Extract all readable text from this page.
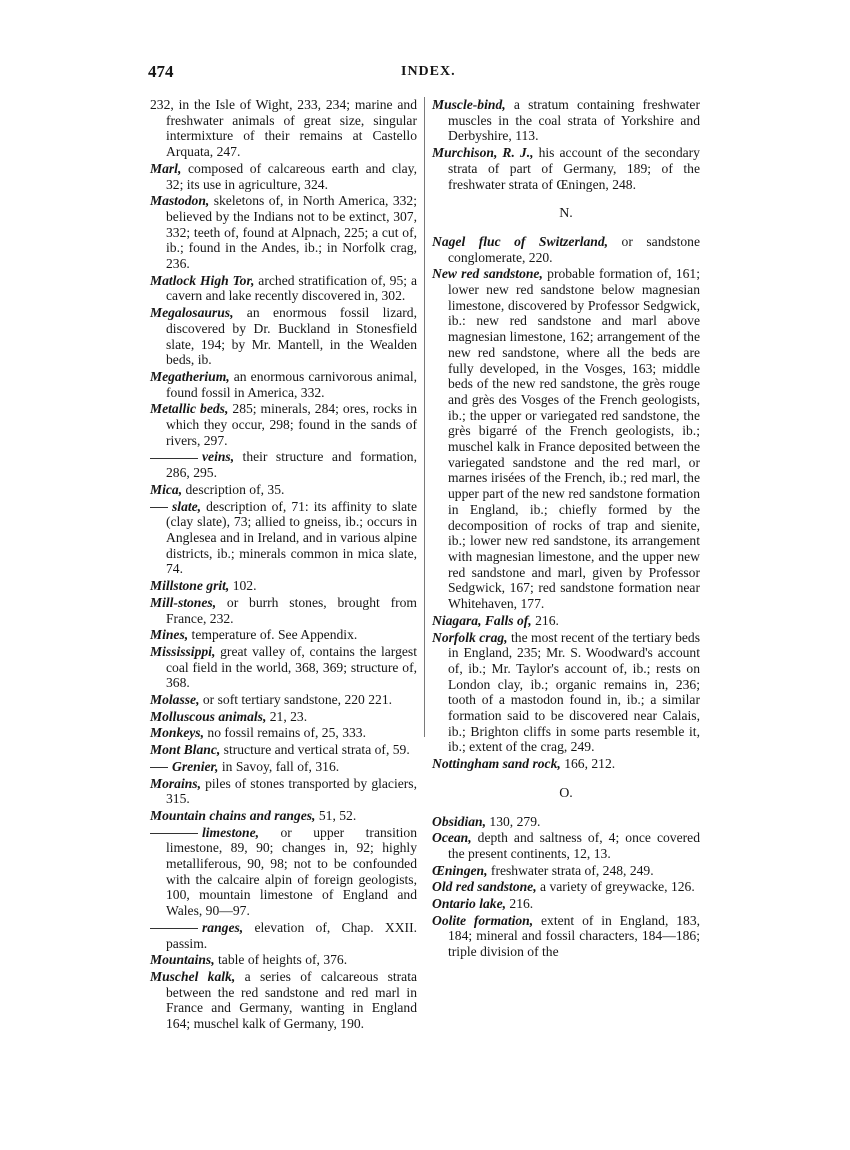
474	INDEX.

232, in the Isle of Wight, 233, 234; marine and freshwater animals of great size, singular intermixture of their remains at Castello Arquata, 247.

Marl, composed of calcareous earth and clay, 32; its use in agriculture, 324.

Mastodon, skeletons of, in North America, 332; believed by the Indians not to be extinct, 307, 332; teeth of, found at Alpnach, 225; a cut of, ib.; found in the Andes, ib.; in Norfolk crag, 236.

Matlock High Tor, arched stratification of, 95; a cavern and lake recently discovered in, 302.

Megalosaurus, an enormous fossil lizard, discovered by Dr. Buckland in Stonesfield slate, 194; by Mr. Mantell, in the Wealden beds, ib.

Megatherium, an enormous carnivorous animal, found fossil in America, 332.

Metallic beds, 285; minerals, 284; ores, rocks in which they occur, 298; found in the sands of rivers, 297.

veins, their structure and formation, 286, 295.

Mica, description of, 35.

slate, description of, 71: its affinity to slate (clay slate), 73; allied to gneiss, ib.; occurs in Anglesea and in Ireland, and in various alpine districts, ib.; minerals common in mica slate, 74.

Millstone grit, 102.

Mill-stones, or burrh stones, brought from France, 232.

Mines, temperature of. See Appendix.

Mississippi, great valley of, contains the largest coal field in the world, 368, 369; structure of, 368.

Molasse, or soft tertiary sandstone, 220 221.

Molluscous animals, 21, 23.

Monkeys, no fossil remains of, 25, 333.

Mont Blanc, structure and vertical strata of, 59.

Grenier, in Savoy, fall of, 316.

Morains, piles of stones transported by glaciers, 315.

Mountain chains and ranges, 51, 52.

limestone, or upper transition limestone, 89, 90; changes in, 92; highly metalliferous, 90, 98; not to be confounded with the calcaire alpin of foreign geologists, 100, mountain limestone of England and Wales, 90—97.

ranges, elevation of, Chap. XXII. passim.

Mountains, table of heights of, 376.

Muschel kalk, a series of calcareous strata between the red sandstone and red marl in France and Germany, wanting in England 164; muschel kalk of Germany, 190.

Muscle-bind, a stratum containing freshwater muscles in the coal strata of Yorkshire and Derbyshire, 113.

Murchison, R. J., his account of the secondary strata of part of Germany, 189; of the freshwater strata of Œningen, 248.

N.

Nagel fluc of Switzerland, or sandstone conglomerate, 220.

New red sandstone, probable formation of, 161; lower new red sandstone below magnesian limestone, discovered by Professor Sedgwick, ib.: new red sandstone and marl above magnesian limestone, 162; arrangement of the new red sandstone, where all the beds are fully developed, in the Vosges, 163; middle beds of the new red sandstone, the grès rouge and grès des Vosges of the French geologists, ib.; the upper or variegated red sandstone, the grès bigarré of the French geologists, ib.; muschel kalk in France deposited between the variegated sandstone and the red marl, or marnes irisées of the French, ib.; red marl, the upper part of the new red sandstone formation in England, ib.; chiefly formed by the decomposition of rocks of trap and sienite, ib.; lower new red sandstone, its arrangement with magnesian limestone, and the upper new red sandstone and marl, given by Professor Sedgwick, 167; red sandstone formation near Whitehaven, 177.

Niagara, Falls of, 216.

Norfolk crag, the most recent of the tertiary beds in England, 235; Mr. S. Woodward's account of, ib.; Mr. Taylor's account of, ib.; rests on London clay, ib.; organic remains in, 236; tooth of a mastodon found in, ib.; a similar formation said to be discovered near Calais, ib.; Brighton cliffs in some parts resemble it, ib.; extent of the crag, 249.

Nottingham sand rock, 166, 212.

O.

Obsidian, 130, 279.

Ocean, depth and saltness of, 4; once covered the present continents, 12, 13.

Œningen, freshwater strata of, 248, 249.

Old red sandstone, a variety of greywacke, 126.

Ontario lake, 216.

Oolite formation, extent of in England, 183, 184; mineral and fossil characters, 184—186; triple division of the
